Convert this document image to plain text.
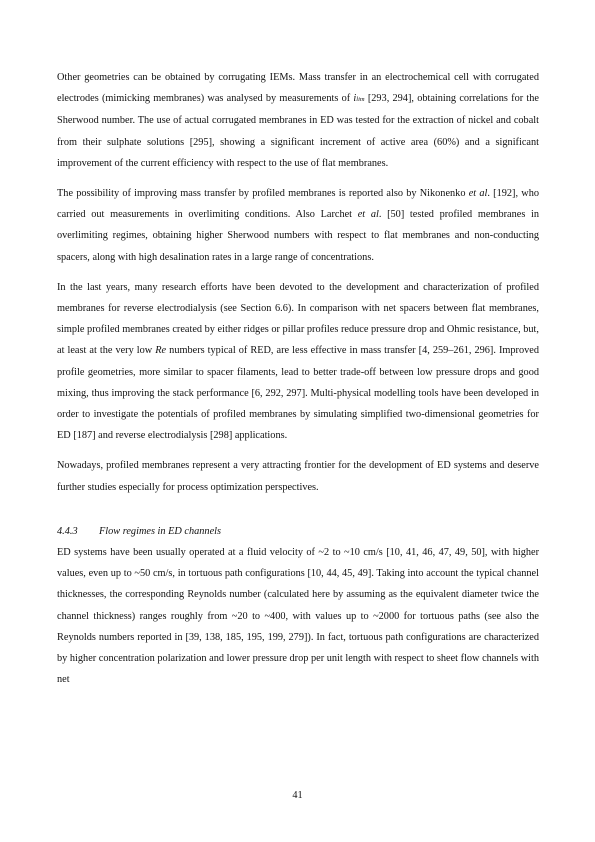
Other geometries can be obtained by corrugating IEMs. Mass transfer in an electrochemical cell with corrugated electrodes (mimicking membranes) was analysed by measurements of ilim [293, 294], obtaining correlations for the Sherwood number. The use of actual corrugated membranes in ED was tested for the extraction of nickel and cobalt from their sulphate solutions [295], showing a significant increment of active area (60%) and a significant improvement of the current efficiency with respect to the use of flat membranes.

The possibility of improving mass transfer by profiled membranes is reported also by Nikonenko et al. [192], who carried out measurements in overlimiting conditions. Also Larchet et al. [50] tested profiled membranes in overlimiting regimes, obtaining higher Sherwood numbers with respect to flat membranes and non-conducting spacers, along with high desalination rates in a large range of concentrations.

In the last years, many research efforts have been devoted to the development and characterization of profiled membranes for reverse electrodialysis (see Section 6.6). In comparison with net spacers between flat membranes, simple profiled membranes created by either ridges or pillar profiles reduce pressure drop and Ohmic resistance, but, at least at the very low Re numbers typical of RED, are less effective in mass transfer [4, 259–261, 296]. Improved profile geometries, more similar to spacer filaments, lead to better trade-off between low pressure drops and good mixing, thus improving the stack performance [6, 292, 297]. Multi-physical modelling tools have been developed in order to investigate the potentials of profiled membranes by simulating simplified two-dimensional geometries for ED [187] and reverse electrodialysis [298] applications.

Nowadays, profiled membranes represent a very attracting frontier for the development of ED systems and deserve further studies especially for process optimization perspectives.

4.4.3 Flow regimes in ED channels

ED systems have been usually operated at a fluid velocity of ~2 to ~10 cm/s [10, 41, 46, 47, 49, 50], with higher values, even up to ~50 cm/s, in tortuous path configurations [10, 44, 45, 49]. Taking into account the typical channel thicknesses, the corresponding Reynolds number (calculated here by assuming as the equivalent diameter twice the channel thickness) ranges roughly from ~20 to ~400, with values up to ~2000 for tortuous paths (see also the Reynolds numbers reported in [39, 138, 185, 195, 199, 279]). In fact, tortuous path configurations are characterized by higher concentration polarization and lower pressure drop per unit length with respect to sheet flow channels with net

41
